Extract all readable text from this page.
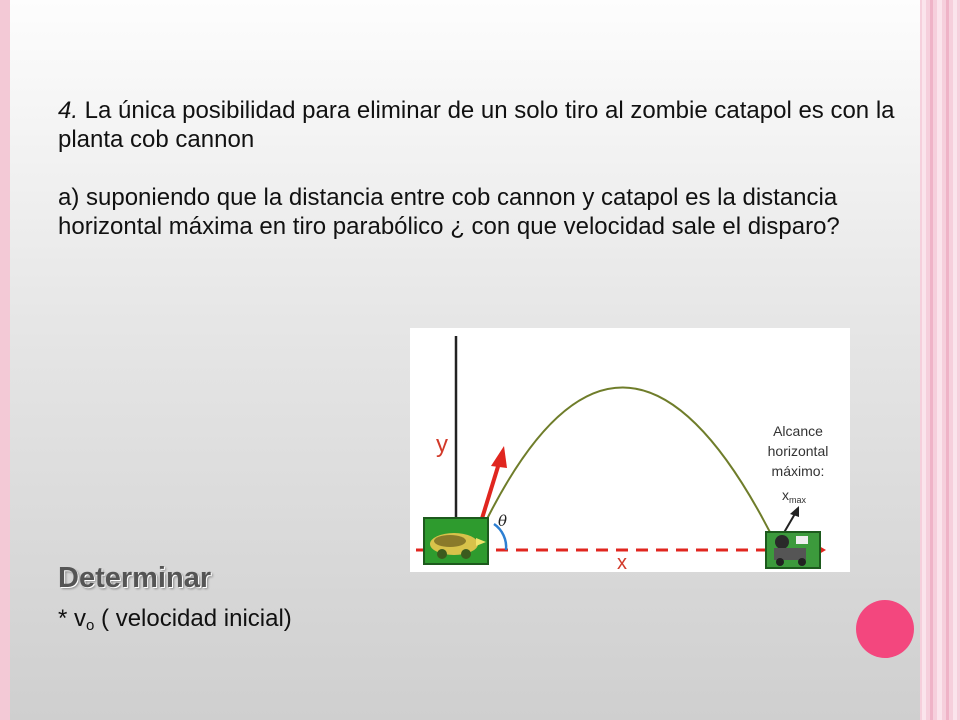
4. La única posibilidad para eliminar de un solo tiro al zombie catapol es con la planta cob cannon

a) suponiendo que la distancia entre cob cannon y catapol es la distancia horizontal máxima en tiro parabólico ¿ con que velocidad sale el disparo?

y
x
θ
Alcance
horizontal
máximo:
$x_{max}$
Determinar
* $v_o$ ( velocidad inicial)
